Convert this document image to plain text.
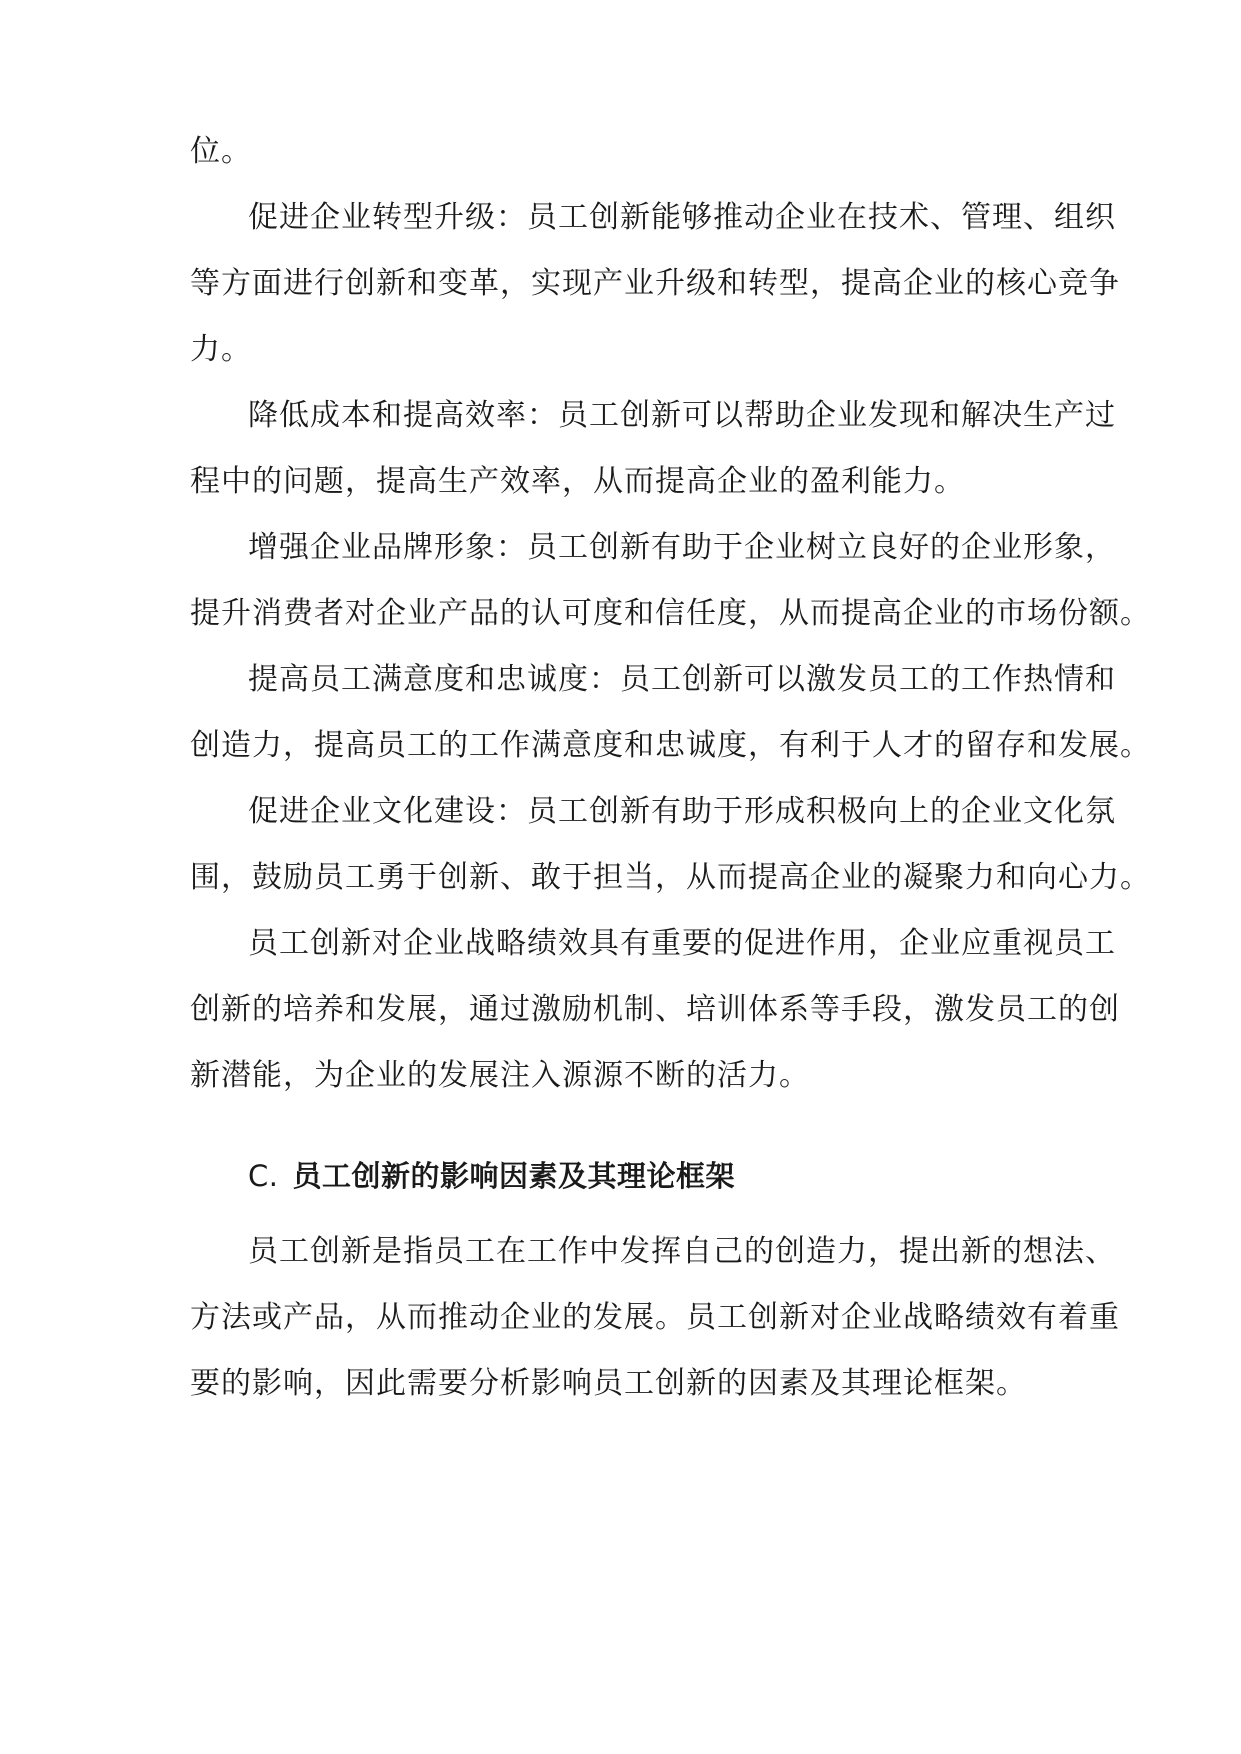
位。
促进企业转型升级：员工创新能够推动企业在技术、管理、组织
等方面进行创新和变革，实现产业升级和转型，提高企业的核心竞争
力。
降低成本和提高效率：员工创新可以帮助企业发现和解决生产过
程中的问题，提高生产效率，从而提高企业的盈利能力。
增强企业品牌形象：员工创新有助于企业树立良好的企业形象，
提升消费者对企业产品的认可度和信任度，从而提高企业的市场份额。
提高员工满意度和忠诚度：员工创新可以激发员工的工作热情和
创造力，提高员工的工作满意度和忠诚度，有利于人才的留存和发展。
促进企业文化建设：员工创新有助于形成积极向上的企业文化氛
围，鼓励员工勇于创新、敢于担当，从而提高企业的凝聚力和向心力。
员工创新对企业战略绩效具有重要的促进作用，企业应重视员工
创新的培养和发展，通过激励机制、培训体系等手段，激发员工的创
新潜能，为企业的发展注入源源不断的活力。
C. 员工创新的影响因素及其理论框架
员工创新是指员工在工作中发挥自己的创造力，提出新的想法、
方法或产品，从而推动企业的发展。员工创新对企业战略绩效有着重
要的影响，因此需要分析影响员工创新的因素及其理论框架。
